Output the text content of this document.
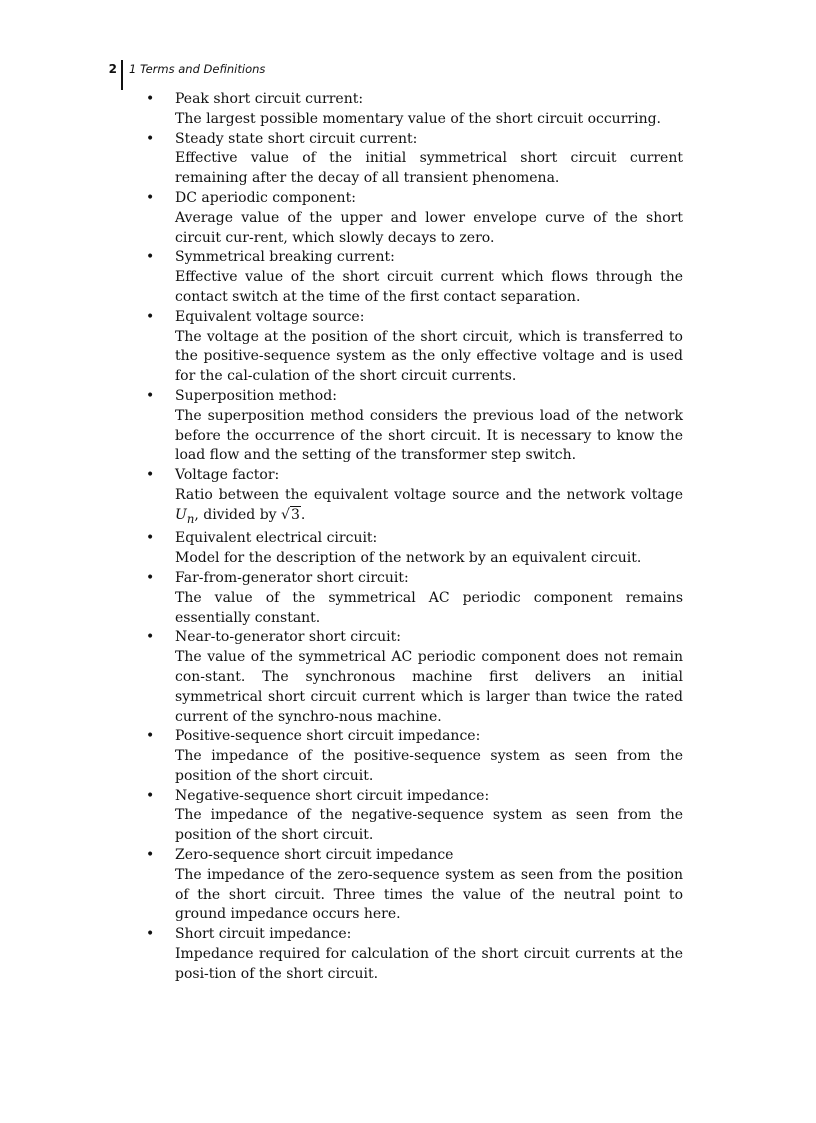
2	1 Terms and Definitions
• Peak short circuit current:
The largest possible momentary value of the short circuit occurring.
• Steady state short circuit current:
Effective value of the initial symmetrical short circuit current remaining after the decay of all transient phenomena.
• DC aperiodic component:
Average value of the upper and lower envelope curve of the short circuit cur-rent, which slowly decays to zero.
• Symmetrical breaking current:
Effective value of the short circuit current which flows through the contact switch at the time of the first contact separation.
• Equivalent voltage source:
The voltage at the position of the short circuit, which is transferred to the positive-sequence system as the only effective voltage and is used for the cal-culation of the short circuit currents.
• Superposition method:
The superposition method considers the previous load of the network before the occurrence of the short circuit. It is necessary to know the load flow and the setting of the transformer step switch.
• Voltage factor:
Ratio between the equivalent voltage source and the network voltage $U_n$, divided by √3.
• Equivalent electrical circuit:
Model for the description of the network by an equivalent circuit.
• Far-from-generator short circuit:
The value of the symmetrical AC periodic component remains essentially constant.
• Near-to-generator short circuit:
The value of the symmetrical AC periodic component does not remain con-stant. The synchronous machine first delivers an initial symmetrical short circuit current which is larger than twice the rated current of the synchro-nous machine.
• Positive-sequence short circuit impedance:
The impedance of the positive-sequence system as seen from the position of the short circuit.
• Negative-sequence short circuit impedance:
The impedance of the negative-sequence system as seen from the position of the short circuit.
• Zero-sequence short circuit impedance
The impedance of the zero-sequence system as seen from the position of the short circuit. Three times the value of the neutral point to ground impedance occurs here.
• Short circuit impedance:
Impedance required for calculation of the short circuit currents at the posi-tion of the short circuit.
